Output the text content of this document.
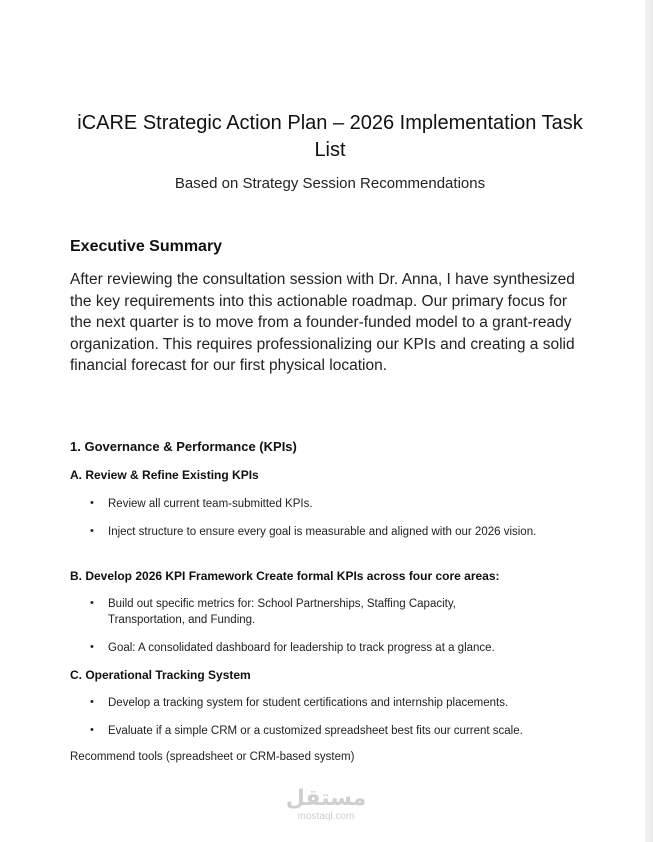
iCARE Strategic Action Plan – 2026 Implementation Task List
Based on Strategy Session Recommendations
Executive Summary

After reviewing the consultation session with Dr. Anna, I have synthesized the key requirements into this actionable roadmap. Our primary focus for the next quarter is to move from a founder-funded model to a grant-ready organization. This requires professionalizing our KPIs and creating a solid financial forecast for our first physical location.

1. Governance & Performance (KPIs)
A. Review & Refine Existing KPIs
• Review all current team-submitted KPIs.
• Inject structure to ensure every goal is measurable and aligned with our 2026 vision.
B. Develop 2026 KPI Framework Create formal KPIs across four core areas:
• Build out specific metrics for: School Partnerships, Staffing Capacity, Transportation, and Funding.
• Goal: A consolidated dashboard for leadership to track progress at a glance.
C. Operational Tracking System
• Develop a tracking system for student certifications and internship placements.
• Evaluate if a simple CRM or a customized spreadsheet best fits our current scale.
Recommend tools (spreadsheet or CRM-based system)
مستقل
mostaql.com
